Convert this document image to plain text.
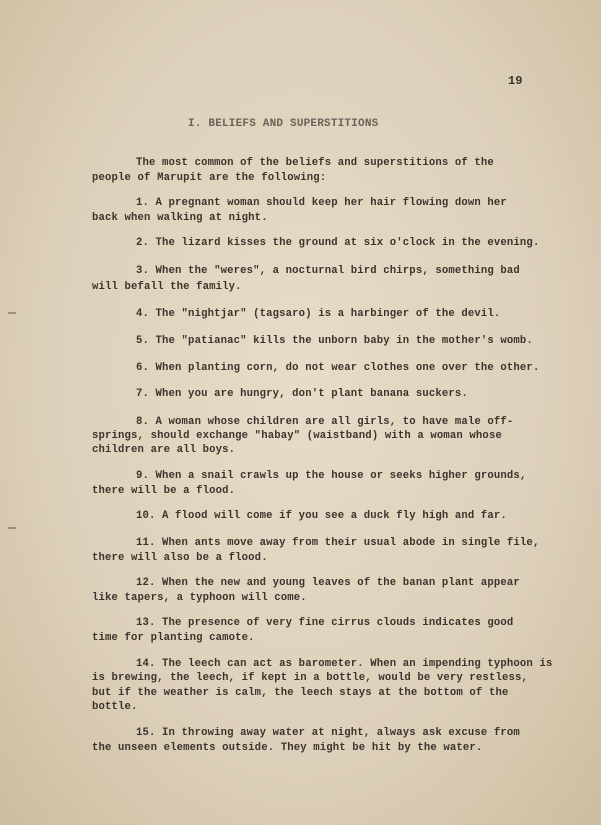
19
I. BELIEFS AND SUPERSTITIONS
The most common of the beliefs and superstitions of the
people of Marupit are the following:
1. A pregnant woman should keep her hair flowing down her
back when walking at night.
2. The lizard kisses the ground at six o'clock in the evening.
3. When the "weres", a nocturnal bird chirps, something bad
will befall the family.
4. The "nightjar" (tagsaro) is a harbinger of the devil.
5. The "patianac" kills the unborn baby in the mother's womb.
6. When planting corn, do not wear clothes one over the other.
7. When you are hungry, don't plant banana suckers.
8. A woman whose children are all girls, to have male off-
springs, should exchange "habay" (waistband) with a woman whose
children are all boys.
9. When a snail crawls up the house or seeks higher grounds,
there will be a flood.
10. A flood will come if you see a duck fly high and far.
11. When ants move away from their usual abode in single file,
there will also be a flood.
12. When the new and young leaves of the banan plant appear
like tapers, a typhoon will come.
13. The presence of very fine cirrus clouds indicates good
time for planting camote.
14. The leech can act as barometer. When an impending typhoon is
is brewing, the leech, if kept in a bottle, would be very restless,
but if the weather is calm, the leech stays at the bottom of the
bottle.
15. In throwing away water at night, always ask excuse from
the unseen elements outside. They might be hit by the water.
